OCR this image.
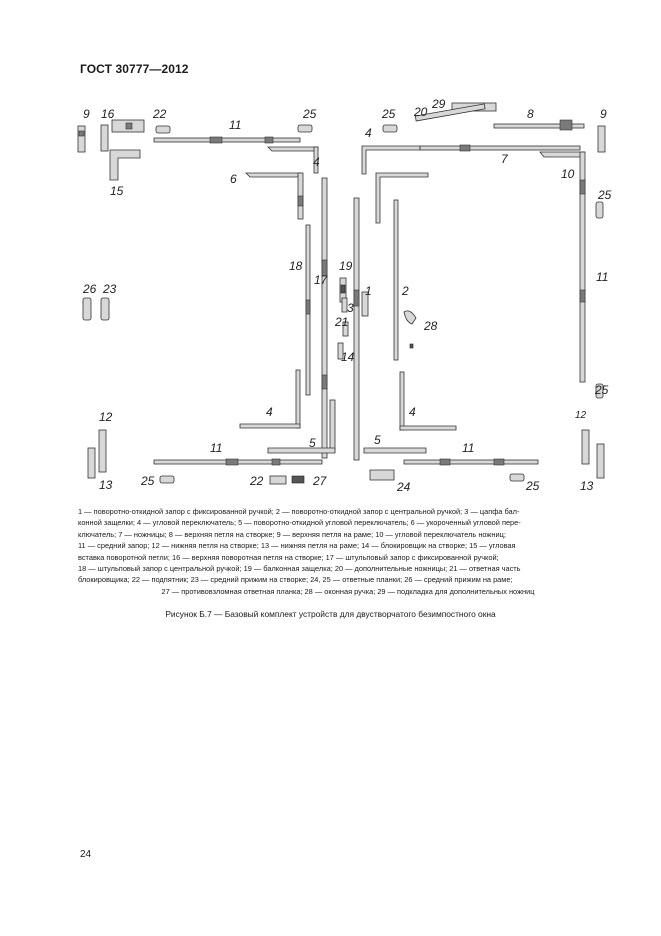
ГОСТ 30777—2012
9 16	22
11
25
15
4
6
26 23
18
17
19
3
1	2
21
14
28
4
12
11	5
13 25	22	27
29
20
25	8	9
4
7
10
25
11
25
4
5
11
24	25
12
13
1 — поворотно-откидной запор с фиксированной ручкой; 2 — поворотно-откидной запор с центральной ручкой; 3 — цапфа бал-
конной защелки; 4 — угловой переключатель; 5 — поворотно-откидной угловой переключатель; 6 — укороченный угловой пере-
ключатель; 7 — ножницы; 8 — верхняя петля на створке; 9 — верхняя петля на раме; 10 — угловой переключатель ножниц;
11 — средний запор; 12 — нижняя петля на створке; 13 — нижняя петля на раме; 14 — блокировщик на створке; 15 — угловая
вставка поворотной петли; 16 — верхняя поворотная петля на створке; 17 — штульповый запор с фиксированной ручкой;
18 — штульповый запор с центральной ручкой; 19 — балконная защелка; 20 — дополнительные ножницы; 21 — ответная часть
блокировщика; 22 — подпятник; 23 — средний прижим на створке; 24, 25 — ответные планки; 26 — средний прижим на раме;
27 — противовзломная ответная планка; 28 — оконная ручка; 29 — подкладка для дополнительных ножниц
Рисунок Б.7 — Базовый комплект устройств для двустворчатого безимпостного окна
24
